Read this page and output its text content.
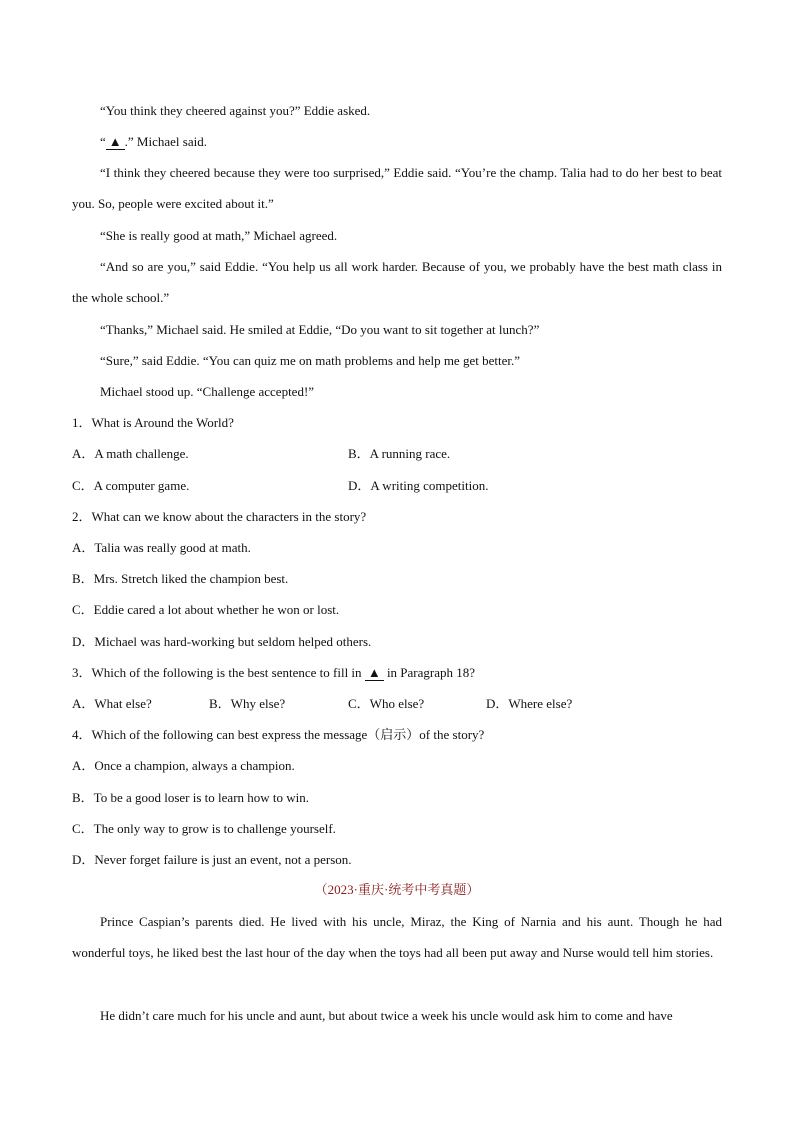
“You think they cheered against you?” Eddie asked.
“ ▲ .” Michael said.

“I think they cheered because they were too surprised,” Eddie said. “You’re the champ. Talia had to do her best to beat you. So, people were excited about it.”

“She is really good at math,” Michael agreed.

“And so are you,” said Eddie. “You help us all work harder. Because of you, we probably have the best math class in the whole school.”

“Thanks,” Michael said. He smiled at Eddie, “Do you want to sit together at lunch?”
“Sure,” said Eddie. “You can quiz me on math problems and help me get better.”
Michael stood up. “Challenge accepted!”
1．What is Around the World?
A．A math challenge.	B．A running race.
C．A computer game.	D．A writing competition.
2．What can we know about the characters in the story?
A．Talia was really good at math.
B．Mrs. Stretch liked the champion best.
C．Eddie cared a lot about whether he won or lost.
D．Michael was hard-working but seldom helped others.
3．Which of the following is the best sentence to fill in ▲ in Paragraph 18?
A．What else?	B．Why else?	C．Who else?	D．Where else?
4．Which of the following can best express the message（启示）of the story?
A．Once a champion, always a champion.
B．To be a good loser is to learn how to win.
C．The only way to grow is to challenge yourself.
D．Never forget failure is just an event, not a person.
（2023·重庆·统考中考真题）

Prince Caspian’s parents died. He lived with his uncle, Miraz, the King of Narnia and his aunt. Though he had wonderful toys, he liked best the last hour of the day when the toys had all been put away and Nurse would tell him stories.

He didn’t care much for his uncle and aunt, but about twice a week his uncle would ask him to come and have
